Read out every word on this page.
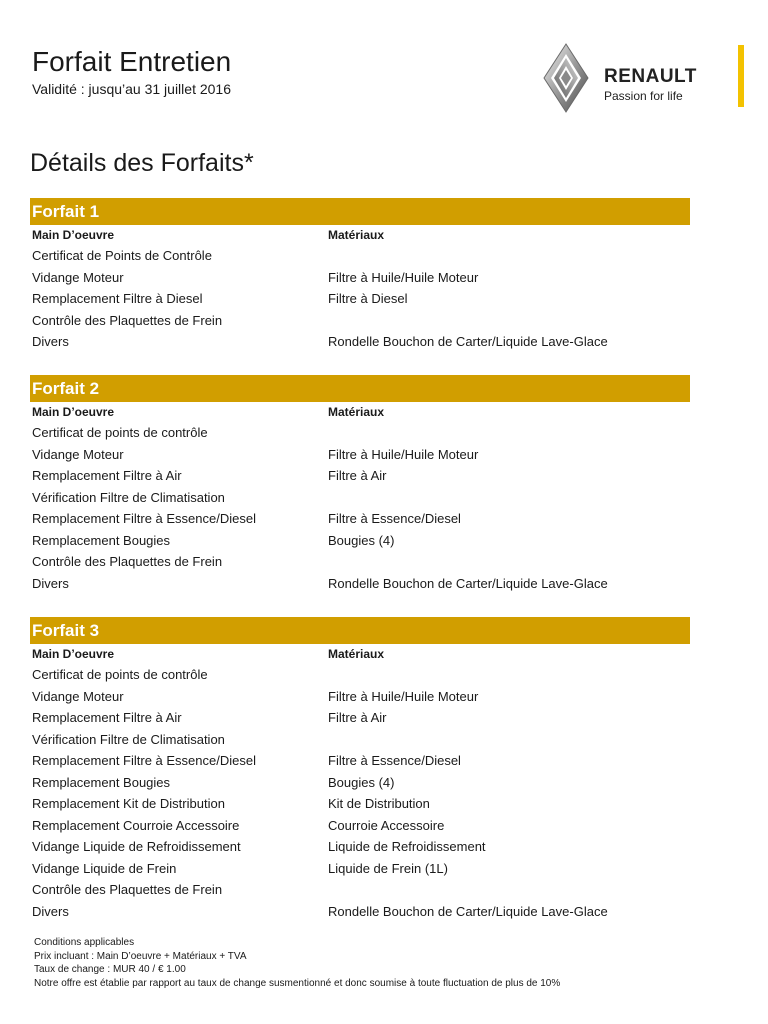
Forfait Entretien
Validité : jusqu’au 31 juillet 2016
RENAULT
Passion for life
Détails des Forfaits*
Forfait 1
Main D’oeuvre	Matériaux
Certificat de Points de Contrôle
Vidange Moteur	Filtre à Huile/Huile Moteur
Remplacement Filtre à Diesel	Filtre à Diesel
Contrôle des Plaquettes de Frein
Divers	Rondelle Bouchon de Carter/Liquide Lave-Glace
Forfait 2
Main D’oeuvre	Matériaux
Certificat de points de contrôle
Vidange Moteur	Filtre à Huile/Huile Moteur
Remplacement Filtre à Air	Filtre à Air
Vérification Filtre de Climatisation
Remplacement Filtre à Essence/Diesel	Filtre à Essence/Diesel
Remplacement Bougies	Bougies (4)
Contrôle des Plaquettes de Frein
Divers	Rondelle Bouchon de Carter/Liquide Lave-Glace
Forfait 3
Main D’oeuvre	Matériaux
Certificat de points de contrôle
Vidange Moteur	Filtre à Huile/Huile Moteur
Remplacement Filtre à Air	Filtre à Air
Vérification Filtre de Climatisation
Remplacement Filtre à Essence/Diesel	Filtre à Essence/Diesel
Remplacement Bougies	Bougies (4)
Remplacement Kit de Distribution	Kit de Distribution
Remplacement Courroie Accessoire	Courroie Accessoire
Vidange Liquide de Refroidissement	Liquide de Refroidissement
Vidange Liquide de Frein	Liquide de Frein (1L)
Contrôle des Plaquettes de Frein
Divers	Rondelle Bouchon de Carter/Liquide Lave-Glace
Conditions applicables
Prix incluant : Main D’oeuvre + Matériaux + TVA
Taux de change : MUR 40 / € 1.00
Notre offre est établie par rapport au taux de change susmentionné et donc soumise à toute fluctuation de plus de 10%
